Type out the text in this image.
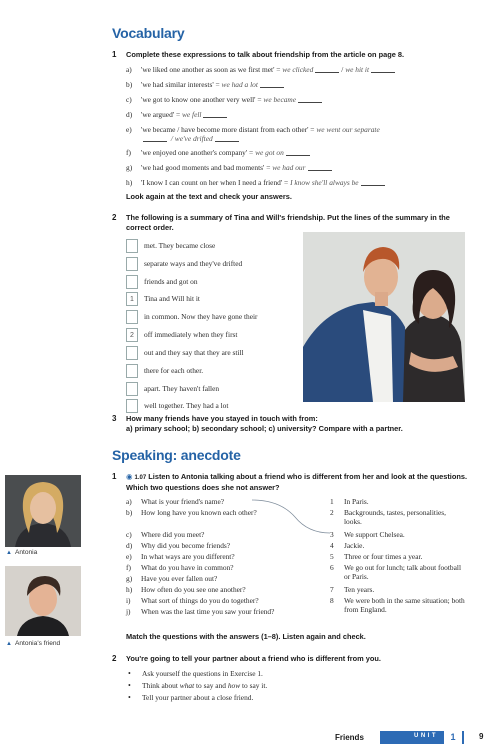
Vocabulary
1 Complete these expressions to talk about friendship from the article on page 8.
a)	'we liked one another as soon as we first met' = we clicked	/ we hit it
b)	'we had similar interests' = we had a lot
c)	'we got to know one another very well' = we became
d)	'we argued' = we fell
e)	'we became / have become more distant from each other' = we went our separate
/ we've drifted
f)	'we enjoyed one another's company' = we got on
g)	'we had good moments and bad moments' = we had our
h)	'I know I can count on her when I need a friend' = I know she'll always be
Look again at the text and check your answers.
2 The following is a summary of Tina and Will's friendship. Put the lines of the summary in the correct order.
met. They became close
separate ways and they've drifted
friends and got on
1	Tina and Will hit it
in common. Now they have gone their
2	off immediately when they first
out and they say that they are still
there for each other.
apart. They haven't fallen
well together. They had a lot
3 How many friends have you stayed in touch with from:
a) primary school; b) secondary school; c) university? Compare with a partner.
Speaking: anecdote
1 ◉ 1.07 Listen to Antonia talking about a friend who is different from her and look at the questions. Which two questions does she not answer?
a)	What is your friend's name?
b)	How long have you known each other?
c)	Where did you meet?
d)	Why did you become friends?
e)	In what ways are you different?
f)	What do you have in common?
g)	Have you ever fallen out?
h)	How often do you see one another?
i)	What sort of things do you do together?
j)	When was the last time you saw your friend?
1	In Paris.
2	Backgrounds, tastes, personalities, looks.
3	We support Chelsea.
4	Jackie.
5	Three or four times a year.
6	We go out for lunch; talk about football or Paris.
7	Ten years.
8	We were both in the same situation; both from England.
Match the questions with the answers (1–8). Listen again and check.
2 You're going to tell your partner about a friend who is different from you.
•	Ask yourself the questions in Exercise 1.
•	Think about what to say and how to say it.
•	Tell your partner about a close friend.
▲ Antonia
▲ Antonia's friend
Friends	UNIT	1	9
